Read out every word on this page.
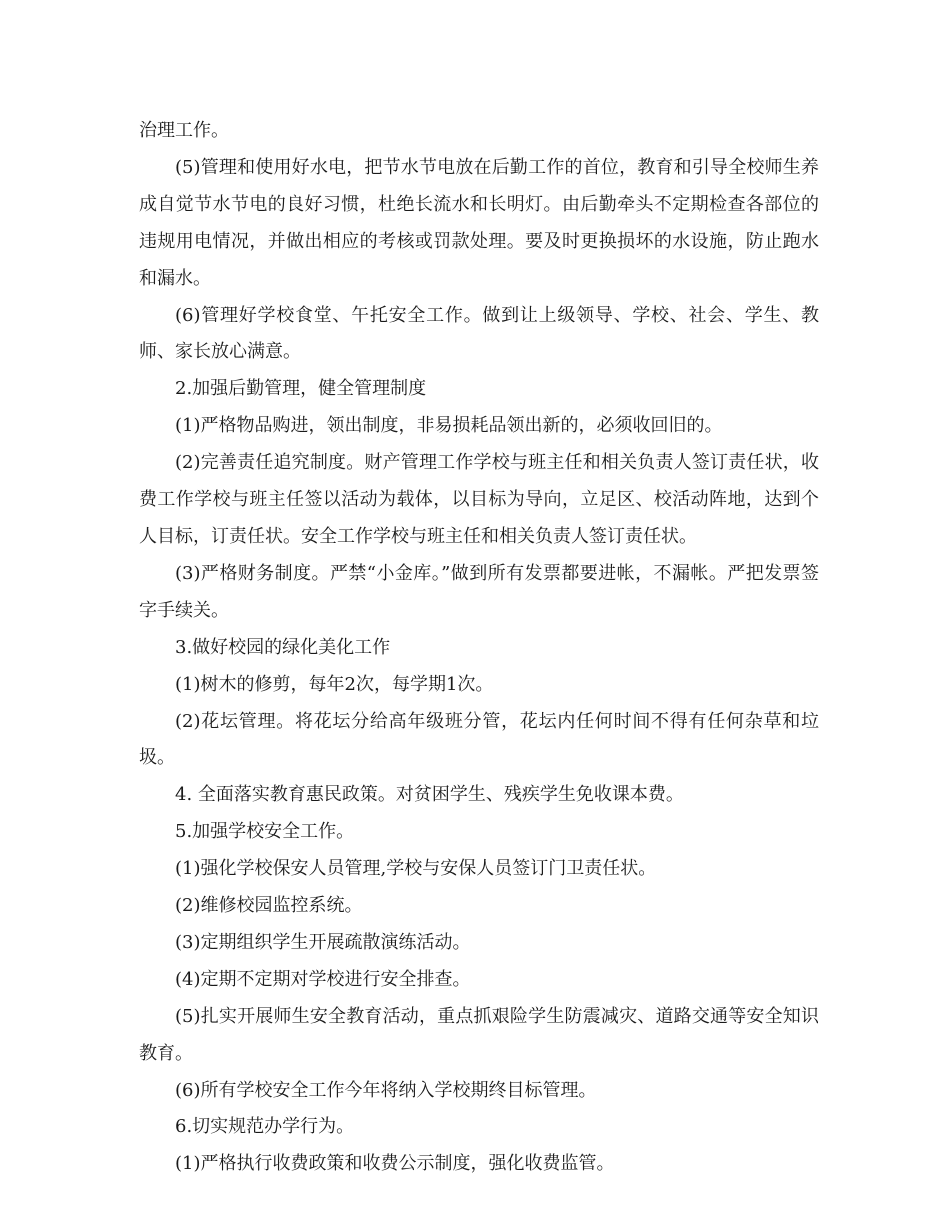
治理工作。

(5)管理和使用好水电，把节水节电放在后勤工作的首位，教育和引导全校师生养成自觉节水节电的良好习惯，杜绝长流水和长明灯。由后勤牵头不定期检查各部位的违规用电情况，并做出相应的考核或罚款处理。要及时更换损坏的水设施，防止跑水和漏水。

(6)管理好学校食堂、午托安全工作。做到让上级领导、学校、社会、学生、教师、家长放心满意。

2.加强后勤管理，健全管理制度

(1)严格物品购进，领出制度，非易损耗品领出新的，必须收回旧的。

(2)完善责任追究制度。财产管理工作学校与班主任和相关负责人签订责任状，收费工作学校与班主任签以活动为载体，以目标为导向，立足区、校活动阵地，达到个人目标，订责任状。安全工作学校与班主任和相关负责人签订责任状。

(3)严格财务制度。严禁“小金库。”做到所有发票都要进帐，不漏帐。严把发票签字手续关。

3.做好校园的绿化美化工作

(1)树木的修剪，每年2次，每学期1次。

(2)花坛管理。将花坛分给高年级班分管，花坛内任何时间不得有任何杂草和垃圾。

4. 全面落实教育惠民政策。对贫困学生、残疾学生免收课本费。

5.加强学校安全工作。

(1)强化学校保安人员管理,学校与安保人员签订门卫责任状。

(2)维修校园监控系统。

(3)定期组织学生开展疏散演练活动。

(4)定期不定期对学校进行安全排查。

(5)扎实开展师生安全教育活动，重点抓艰险学生防震减灾、道路交通等安全知识教育。

(6)所有学校安全工作今年将纳入学校期终目标管理。

6.切实规范办学行为。

(1)严格执行收费政策和收费公示制度，强化收费监管。
